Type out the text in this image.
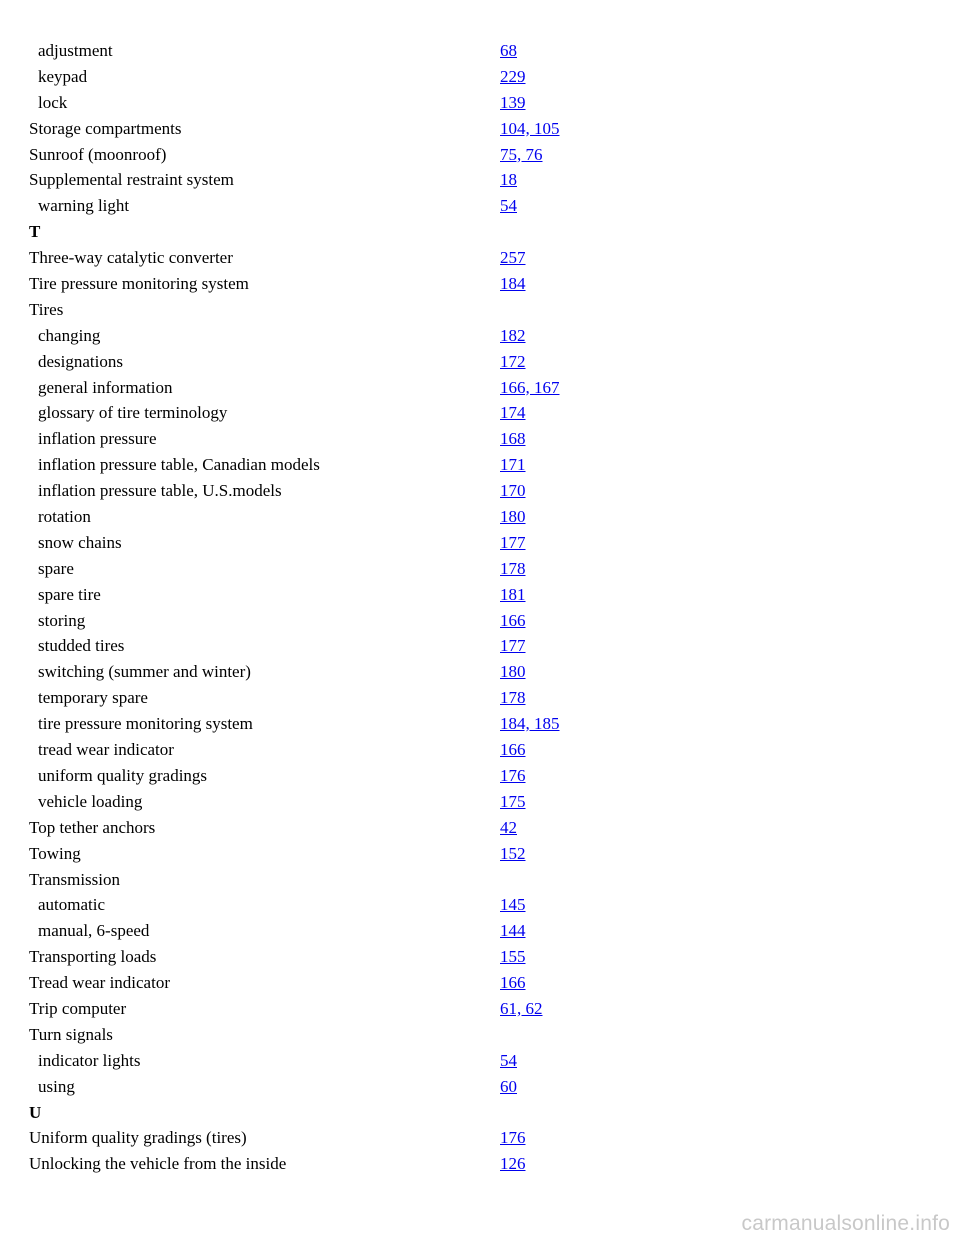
adjustment	68
keypad	229
lock	139
Storage compartments	104, 105
Sunroof (moonroof)	75, 76
Supplemental restraint system	18
warning light	54
T
Three-way catalytic converter	257
Tire pressure monitoring system	184
Tires
changing	182
designations	172
general information	166, 167
glossary of tire terminology	174
inflation pressure	168
inflation pressure table, Canadian models	171
inflation pressure table, U.S.models	170
rotation	180
snow chains	177
spare	178
spare tire	181
storing	166
studded tires	177
switching (summer and winter)	180
temporary spare	178
tire pressure monitoring system	184, 185
tread wear indicator	166
uniform quality gradings	176
vehicle loading	175
Top tether anchors	42
Towing	152
Transmission
automatic	145
manual, 6-speed	144
Transporting loads	155
Tread wear indicator	166
Trip computer	61, 62
Turn signals
indicator lights	54
using	60
U
Uniform quality gradings (tires)	176
Unlocking the vehicle from the inside	126
carmanualsonline.info
